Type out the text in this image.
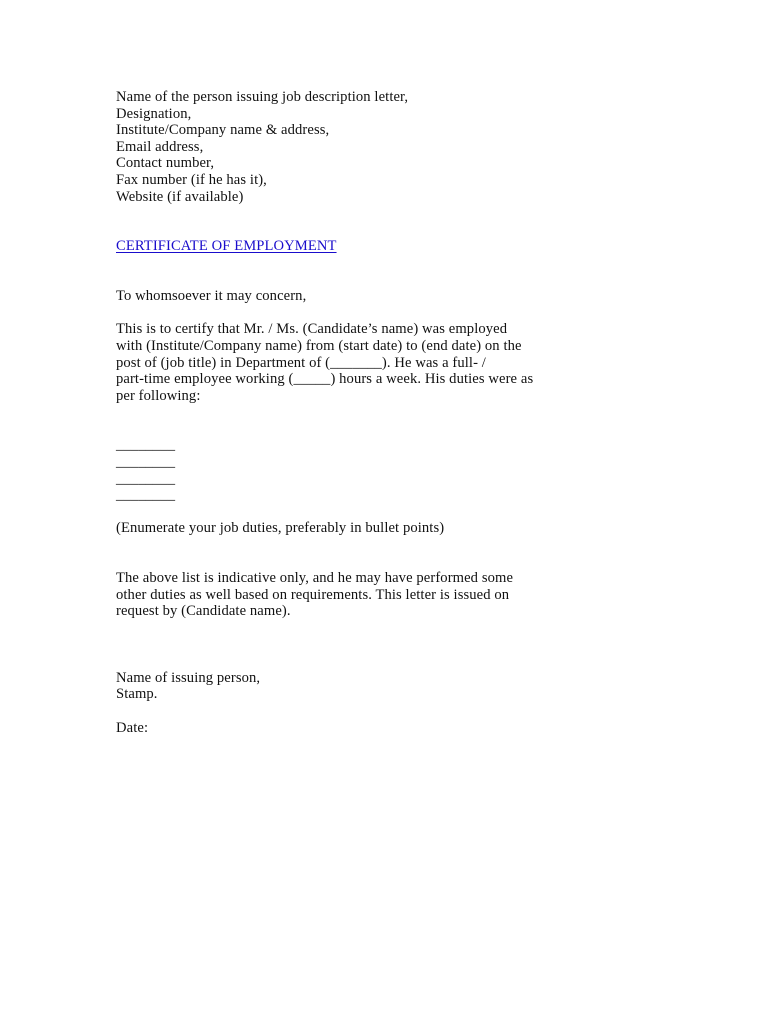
Name of the person issuing job description letter,
Designation,
Institute/Company name & address,
Email address,
Contact number,
Fax number (if he has it),
Website (if available)
CERTIFICATE OF EMPLOYMENT
To whomsoever it may concern,
This is to certify that Mr. / Ms. (Candidate’s name) was employed
with (Institute/Company name) from (start date) to (end date) on the
post of (job title) in Department of (_______). He was a full- /
part-time employee working (_____) hours a week. His duties were as
per following:
________
________
________
________
(Enumerate your job duties, preferably in bullet points)
The above list is indicative only, and he may have performed some
other duties as well based on requirements. This letter is issued on
request by (Candidate name).
Name of issuing person,
Stamp.
Date:
